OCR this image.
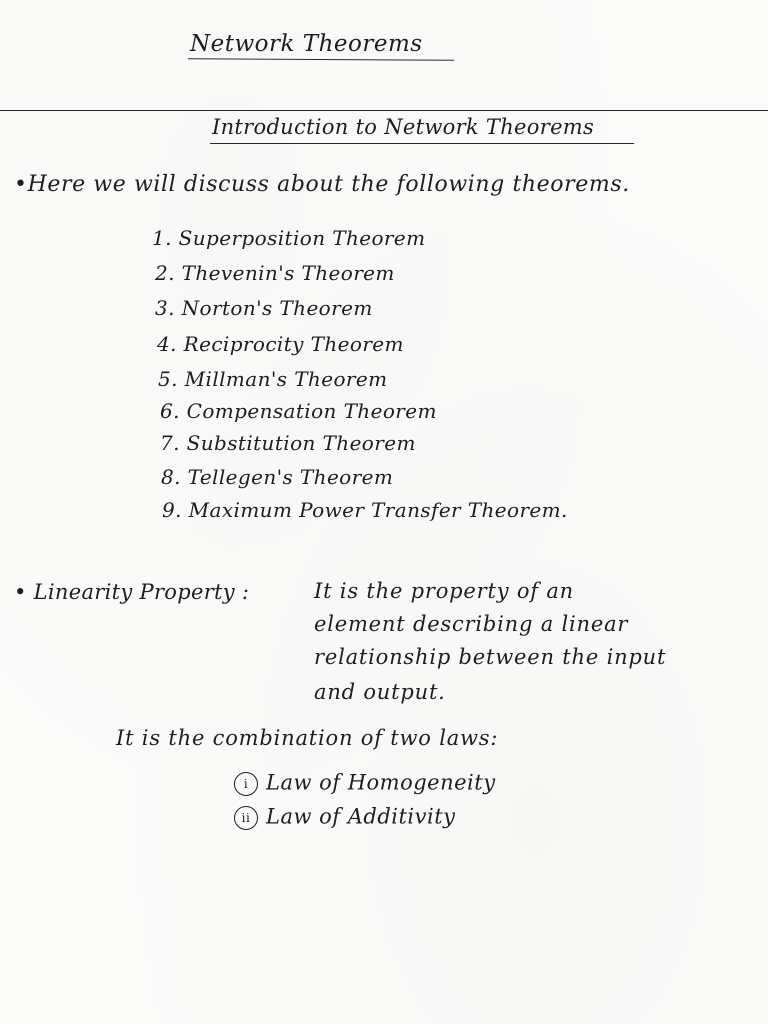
Network Theorems
Introduction to Network Theorems
•Here we will discuss about the following theorems.
1. Superposition Theorem
2. Thevenin's Theorem
3. Norton's Theorem
4. Reciprocity Theorem
5. Millman's Theorem
6. Compensation Theorem
7. Substitution Theorem
8. Tellegen's Theorem
9. Maximum Power Transfer Theorem.
• Linearity Property :	It is the property of an
element describing a linear
relationship between the input
and output.
It is the combination of two laws:
i Law of Homogeneity
ii Law of Additivity
